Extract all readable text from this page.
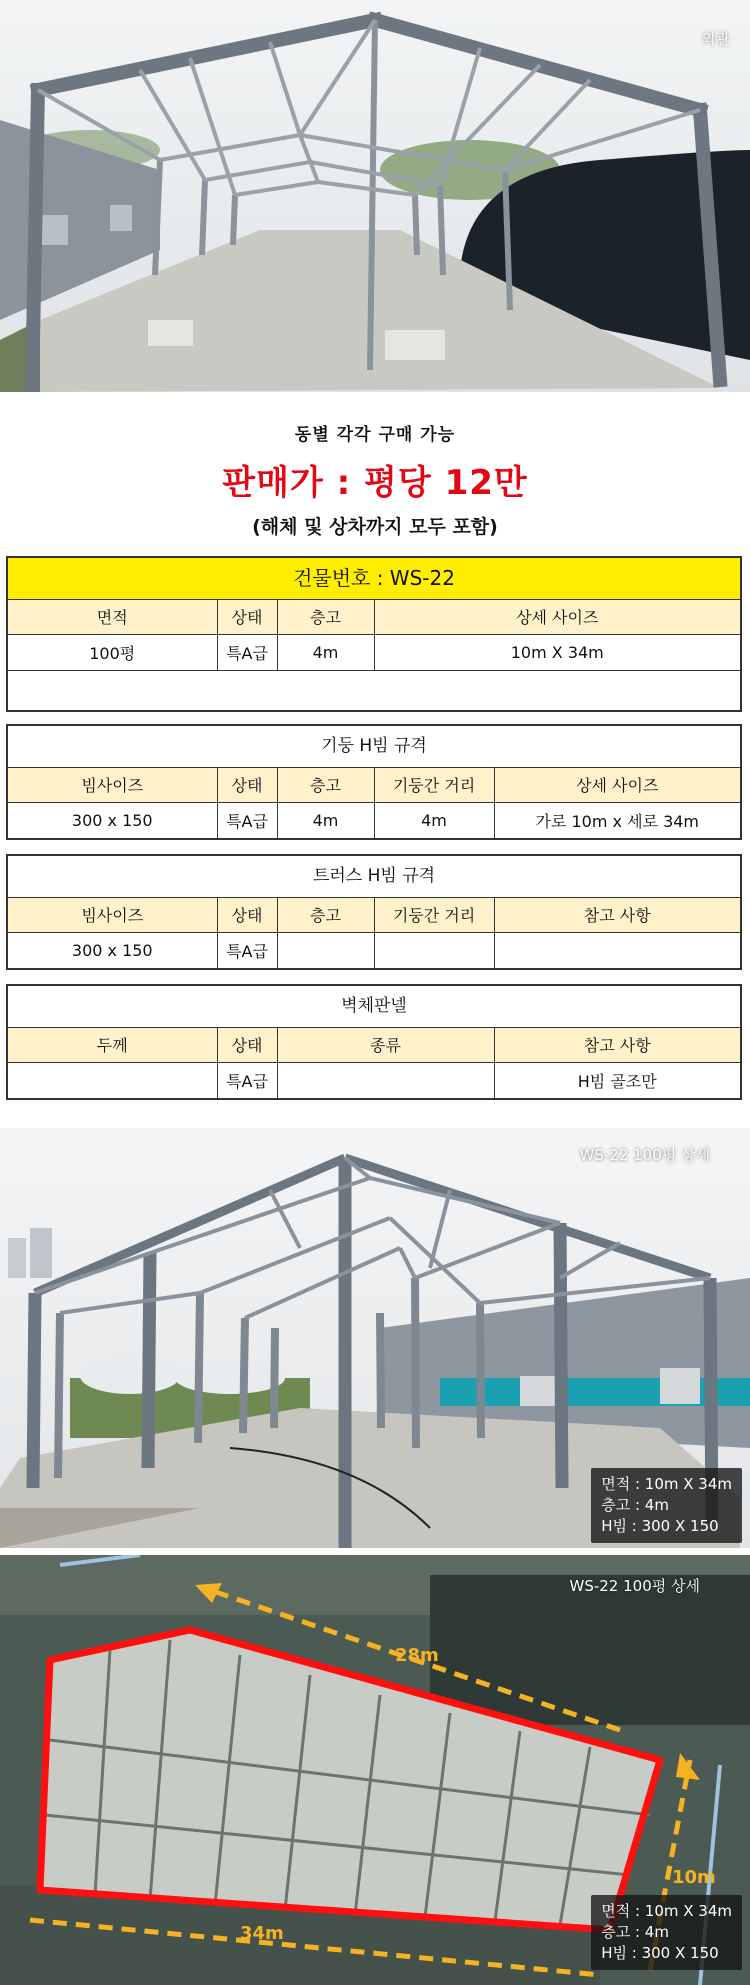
외관
동별 각각 구매 가능
판매가 : 평당 12만
(해체 및 상차까지 모두 포함)
건물번호 : WS-22
면적	상태	층고	상세 사이즈
100평	특A급	4m	10m X 34m

기둥 H빔 규격
빔사이즈	상태	층고	기둥간 거리	상세 사이즈
300 x 150	특A급	4m	4m	가로 10m x 세로 34m
트러스 H빔 규격
빔사이즈	상태	층고	기둥간 거리	참고 사항
300 x 150	특A급			
벽체판넬
두께	상태	종류	참고 사항
	특A급		H빔 골조만
WS-22 100평 상세
면적 : 10m X 34m
층고 : 4m
H빔 : 300 X 150
WS-22 100평 상세
28m
34m
10m
면적 : 10m X 34m
층고 : 4m
H빔 : 300 X 150
